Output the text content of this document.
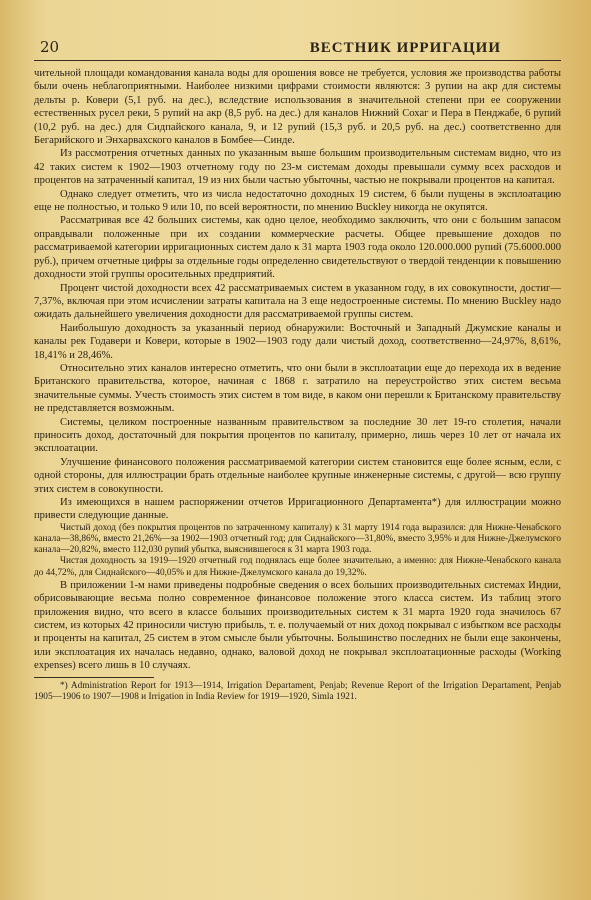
20	ВЕСТНИК ИРРИГАЦИИ

чительной площади командования канала воды для орошения вовсе не требуется, условия же производства работы были очень неблагоприятными. Наиболее низкими цифрами стоимости являются: 3 рупии на акр для системы дельты р. Ковери (5,1 руб. на дес.), вследствие использования в значительной степени при ее сооружении естественных русел реки, 5 рупий на акр (8,5 руб. на дес.) для каналов Нижний Сохаг и Пера в Пенджабе, 6 рупий (10,2 руб. на дес.) для Сидпайского канала, 9, и 12 рупий (15,3 руб. и 20,5 руб. на дес.) соответственно для Бегарийского и Энхарвахского каналов в Бомбее—Синде.

Из рассмотрения отчетных данных по указанным выше большим производительным системам видно, что из 42 таких систем к 1902—1903 отчетному году по 23-м системам доходы превышали сумму всех расходов и процентов на затраченный капитал, 19 из них были частью убыточны, частью не покрывали процентов на капитал.

Однако следует отметить, что из числа недостаточно доходных 19 систем, 6 были пущены в эксплоатацию еще не полностью, и только 9 или 10, по всей вероятности, по мнению Buckley никогда не окупятся.

Рассматривая все 42 больших системы, как одно целое, необходимо заключить, что они с большим запасом оправдывали положенные при их создании коммерческие расчеты. Общее превышение доходов по рассматриваемой категории ирригационных систем дало к 31 марта 1903 года около 120.000.000 рупий (75.6000.000 руб.), причем отчетные цифры за отдельные годы определенно свидетельствуют о твердой тенденции к повышению доходности этой группы оросительных предприятий.

Процент чистой доходности всех 42 рассматриваемых систем в указанном году, в их совокупности, достиг—7,37%, включая при этом исчислении затраты капитала на 3 еще недостроенные системы. По мнению Buckley надо ожидать дальнейшего увеличения доходности для рассматриваемой группы систем.

Наибольшую доходность за указанный период обнаружили: Восточный и Западный Джумские каналы и каналы рек Годавери и Ковери, которые в 1902—1903 году дали чистый доход, соответственно—24,97%, 8,61%, 18,41% и 28,46%.

Относительно этих каналов интересно отметить, что они были в эксплоатации еще до перехода их в ведение Британского правительства, которое, начиная с 1868 г. затратило на переустройство этих систем весьма значительные суммы. Учесть стоимость этих систем в том виде, в каком они перешли к Британскому правительству не представляется возможным.

Системы, целиком построенные названным правительством за последние 30 лет 19-го столетия, начали приносить доход, достаточный для покрытия процентов по капиталу, примерно, лишь через 10 лет от начала их эксплоатации.

Улучшение финансового положения рассматриваемой категории систем становится еще более ясным, если, с одной стороны, для иллюстрации брать отдельные наиболее крупные инженерные системы, с другой— всю группу этих систем в совокупности.

Из имеющихся в нашем распоряжении отчетов Ирригационного Департамента*) для иллюстрации можно привести следующие данные.

Чистый доход (без покрытия процентов по затраченному капиталу) к 31 марту 1914 года выразился: для Нижне-Ченабского канала—38,86%, вместо 21,26%—за 1902—1903 отчетный год; для Сиднайского—31,80%, вместо 3,95% и для Нижне-Джелумского канала—20,82%, вместо 112,030 рупий убытка, выяснившегося к 31 марта 1903 года.

Чистая доходность за 1919—1920 отчетный год поднялась еще более значительно, а именно: для Нижне-Ченабского канала до 44,72%, для Сиднайского—40,05% и для Нижне-Джелумского канала до 19,32%.

В приложении 1-м нами приведены подробные сведения о всех больших производительных системах Индии, обрисовывающие весьма полно современное финансовое положение этого класса систем. Из таблиц этого приложения видно, что всего в классе больших производительных систем к 31 марта 1920 года значилось 67 систем, из которых 42 приносили чистую прибыль, т. е. получаемый от них доход покрывал с избытком все расходы и проценты на капитал, 25 систем в этом смысле были убыточны. Большинство последних не были еще закончены, или эксплоатация их началась недавно, однако, валовой доход не покрывал эксплоатационные расходы (Working expenses) всего лишь в 10 случаях.

*) Administration Report for 1913—1914, Irrigation Departament, Penjab; Revenue Report of the Irrigation Departament, Penjab 1905—1906 to 1907—1908 и Irrigation in India Review for 1919—1920, Simla 1921.
